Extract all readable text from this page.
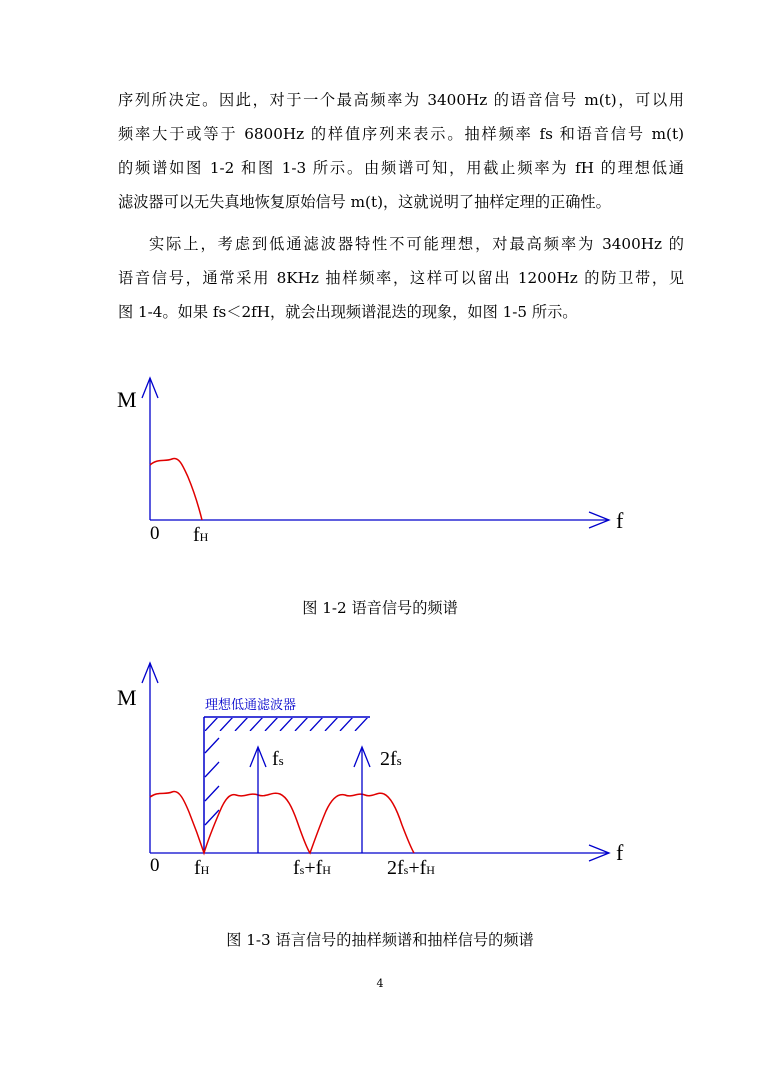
序列所决定。因此，对于一个最高频率为 3400Hz 的语音信号 m(t)，可以用
频率大于或等于 6800Hz 的样值序列来表示。抽样频率 fs 和语音信号 m(t)
的频谱如图 1-2 和图 1-3 所示。由频谱可知，用截止频率为 fH 的理想低通
滤波器可以无失真地恢复原始信号 m(t)，这就说明了抽样定理的正确性。
实际上，考虑到低通滤波器特性不可能理想，对最高频率为 3400Hz 的
语音信号，通常采用 8KHz 抽样频率，这样可以留出 1200Hz 的防卫带，见
图 1-4。如果 fs＜2fH，就会出现频谱混迭的现象，如图 1-5 所示。
M
f
0 fH
图 1-2 语音信号的频谱
理想低通滤波器
fs	2fs
M
f
0 fH	fs+fH	2fs+fH
图 1-3 语言信号的抽样频谱和抽样信号的频谱
4
